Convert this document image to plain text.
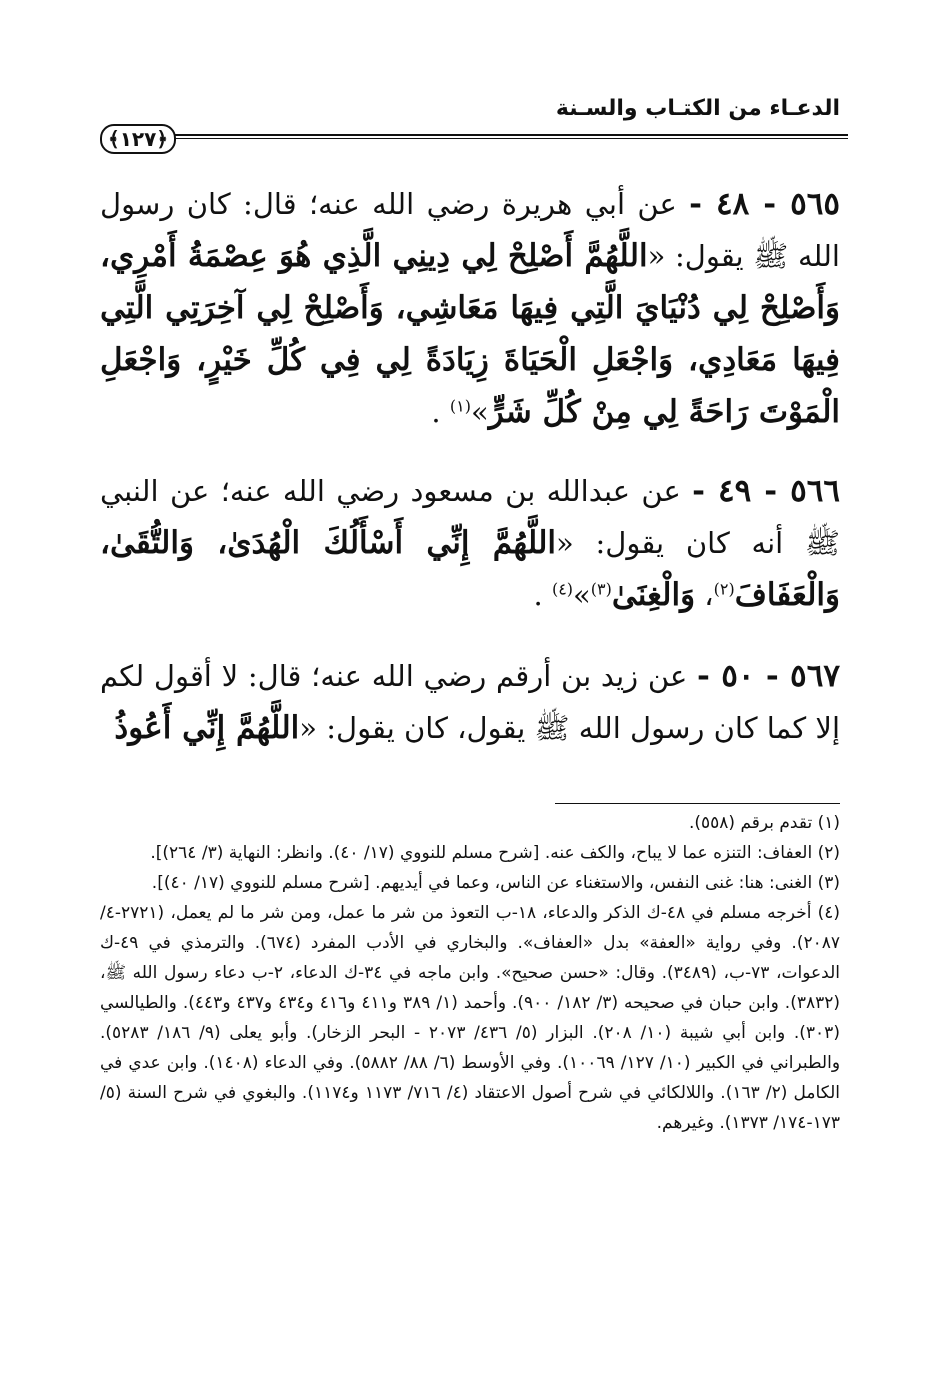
الدعـاء من الكتـاب والسـنة
﴿١٢٧﴾
٥٦٥ - ٤٨ - عن أبي هريرة رضي الله عنه؛ قال: كان رسول الله ﷺ يقول: «اللَّهُمَّ أَصْلِحْ لِي دِينِي الَّذِي هُوَ عِصْمَةُ أَمْرِي، وَأَصْلِحْ لِي دُنْيَايَ الَّتِي فِيهَا مَعَاشِي، وَأَصْلِحْ لِي آخِرَتِي الَّتِي فِيهَا مَعَادِي، وَاجْعَلِ الْحَيَاةَ زِيَادَةً لِي فِي كُلِّ خَيْرٍ، وَاجْعَلِ الْمَوْتَ رَاحَةً لِي مِنْ كُلِّ شَرٍّ»$^{(١)}$ .
٥٦٦ - ٤٩ - عن عبدالله بن مسعود رضي الله عنه؛ عن النبي ﷺ أنه كان يقول: «اللَّهُمَّ إِنِّي أَسْأَلُكَ الْهُدَىٰ، وَالتُّقَىٰ، وَالْعَفَافَ$^{(٢)}$، وَالْغِنَىٰ$^{(٣)}$»$^{(٤)}$ .
٥٦٧ - ٥٠ - عن زيد بن أرقم رضي الله عنه؛ قال: لا أقول لكم إلا كما كان رسول الله ﷺ يقول، كان يقول: «اللَّهُمَّ إِنِّي أَعُوذُ

(١) تقدم برقم (٥٥٨).

(٢) العفاف: التنزه عما لا يباح، والكف عنه. [شرح مسلم للنووي (١٧/ ٤٠). وانظر: النهاية (٣/ ٢٦٤)].

(٣) الغنى: هنا: غنى النفس، والاستغناء عن الناس، وعما في أيديهم. [شرح مسلم للنووي (١٧/ ٤٠)].

(٤) أخرجه مسلم في ٤٨-ك الذكر والدعاء، ١٨-ب التعوذ من شر ما عمل، ومن شر ما لم يعمل، (٢٧٢١-٤/ ٢٠٨٧). وفي رواية «العفة» بدل «العفاف». والبخاري في الأدب المفرد (٦٧٤). والترمذي في ٤٩-ك الدعوات، ٧٣-ب، (٣٤٨٩). وقال: «حسن صحيح». وابن ماجه في ٣٤-ك الدعاء، ٢-ب دعاء رسول الله ﷺ، (٣٨٣٢). وابن حبان في صحيحه (٣/ ١٨٢/ ٩٠٠). وأحمد (١/ ٣٨٩ و٤١١ و٤١٦ و٤٣٤ و٤٣٧ و٤٤٣). والطيالسي (٣٠٣). وابن أبي شيبة (١٠/ ٢٠٨). البزار (٥/ ٤٣٦/ ٢٠٧٣ - البحر الزخار). وأبو يعلى (٩/ ١٨٦/ ٥٢٨٣). والطبراني في الكبير (١٠/ ١٢٧/ ١٠٠٦٩). وفي الأوسط (٦/ ٨٨/ ٥٨٨٢). وفي الدعاء (١٤٠٨). وابن عدي في الكامل (٢/ ١٦٣). واللالكائي في شرح أصول الاعتقاد (٤/ ٧١٦/ ١١٧٣ و١١٧٤). والبغوي في شرح السنة (٥/ ١٧٣-١٧٤/ ١٣٧٣). وغيرهم.
